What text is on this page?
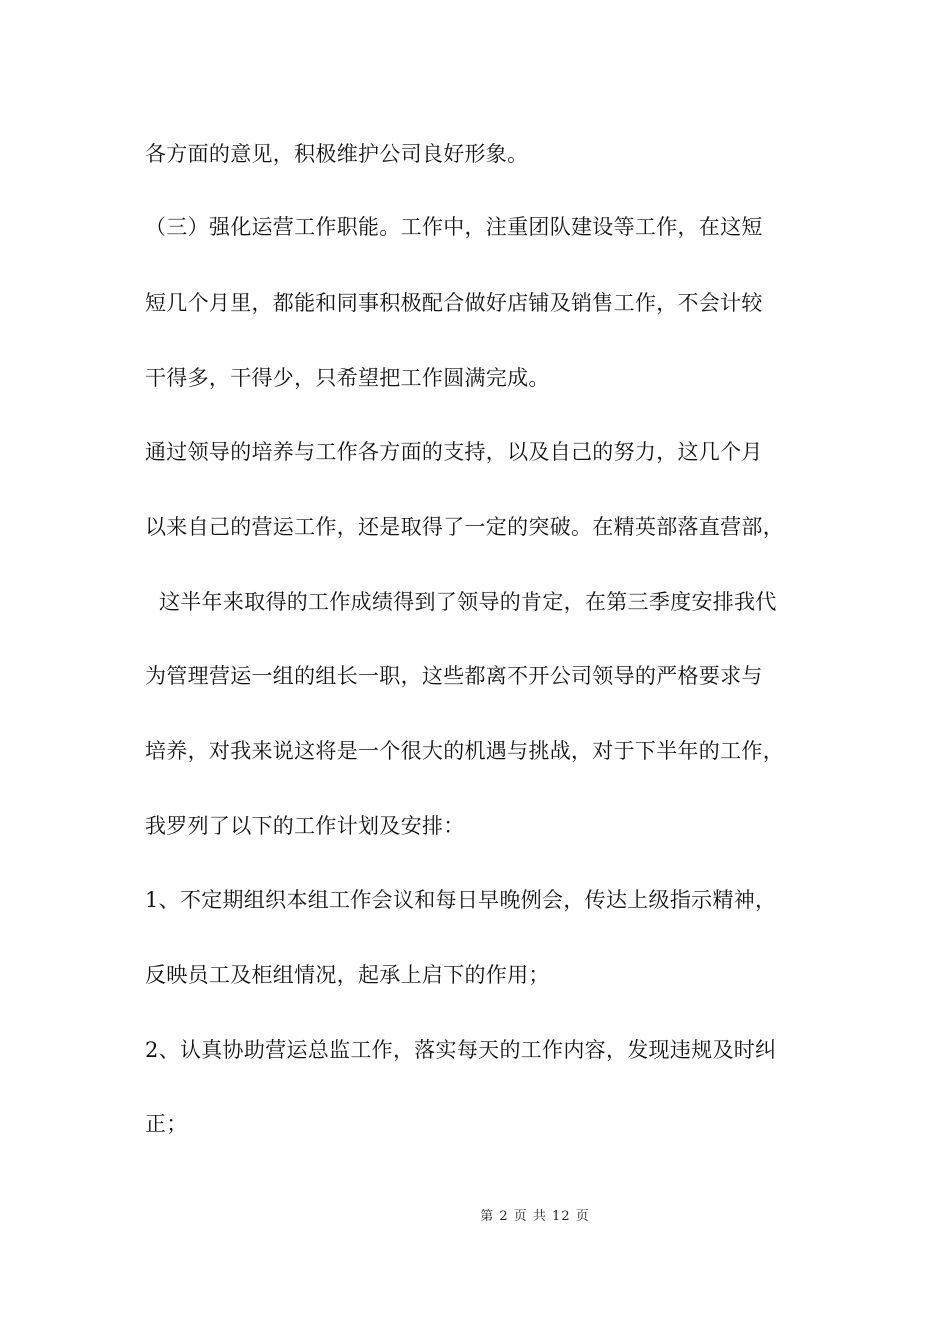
各方面的意见，积极维护公司良好形象。
（三）强化运营工作职能。工作中，注重团队建设等工作，在这短
短几个月里，都能和同事积极配合做好店铺及销售工作，不会计较
干得多，干得少，只希望把工作圆满完成。
通过领导的培养与工作各方面的支持，以及自己的努力，这几个月
以来自己的营运工作，还是取得了一定的突破。在精英部落直营部，
这半年来取得的工作成绩得到了领导的肯定，在第三季度安排我代
为管理营运一组的组长一职，这些都离不开公司领导的严格要求与
培养，对我来说这将是一个很大的机遇与挑战，对于下半年的工作，
我罗列了以下的工作计划及安排：
1、不定期组织本组工作会议和每日早晚例会，传达上级指示精神，
反映员工及柜组情况，起承上启下的作用；
2、认真协助营运总监工作，落实每天的工作内容，发现违规及时纠
正；
第 2 页 共 12 页
